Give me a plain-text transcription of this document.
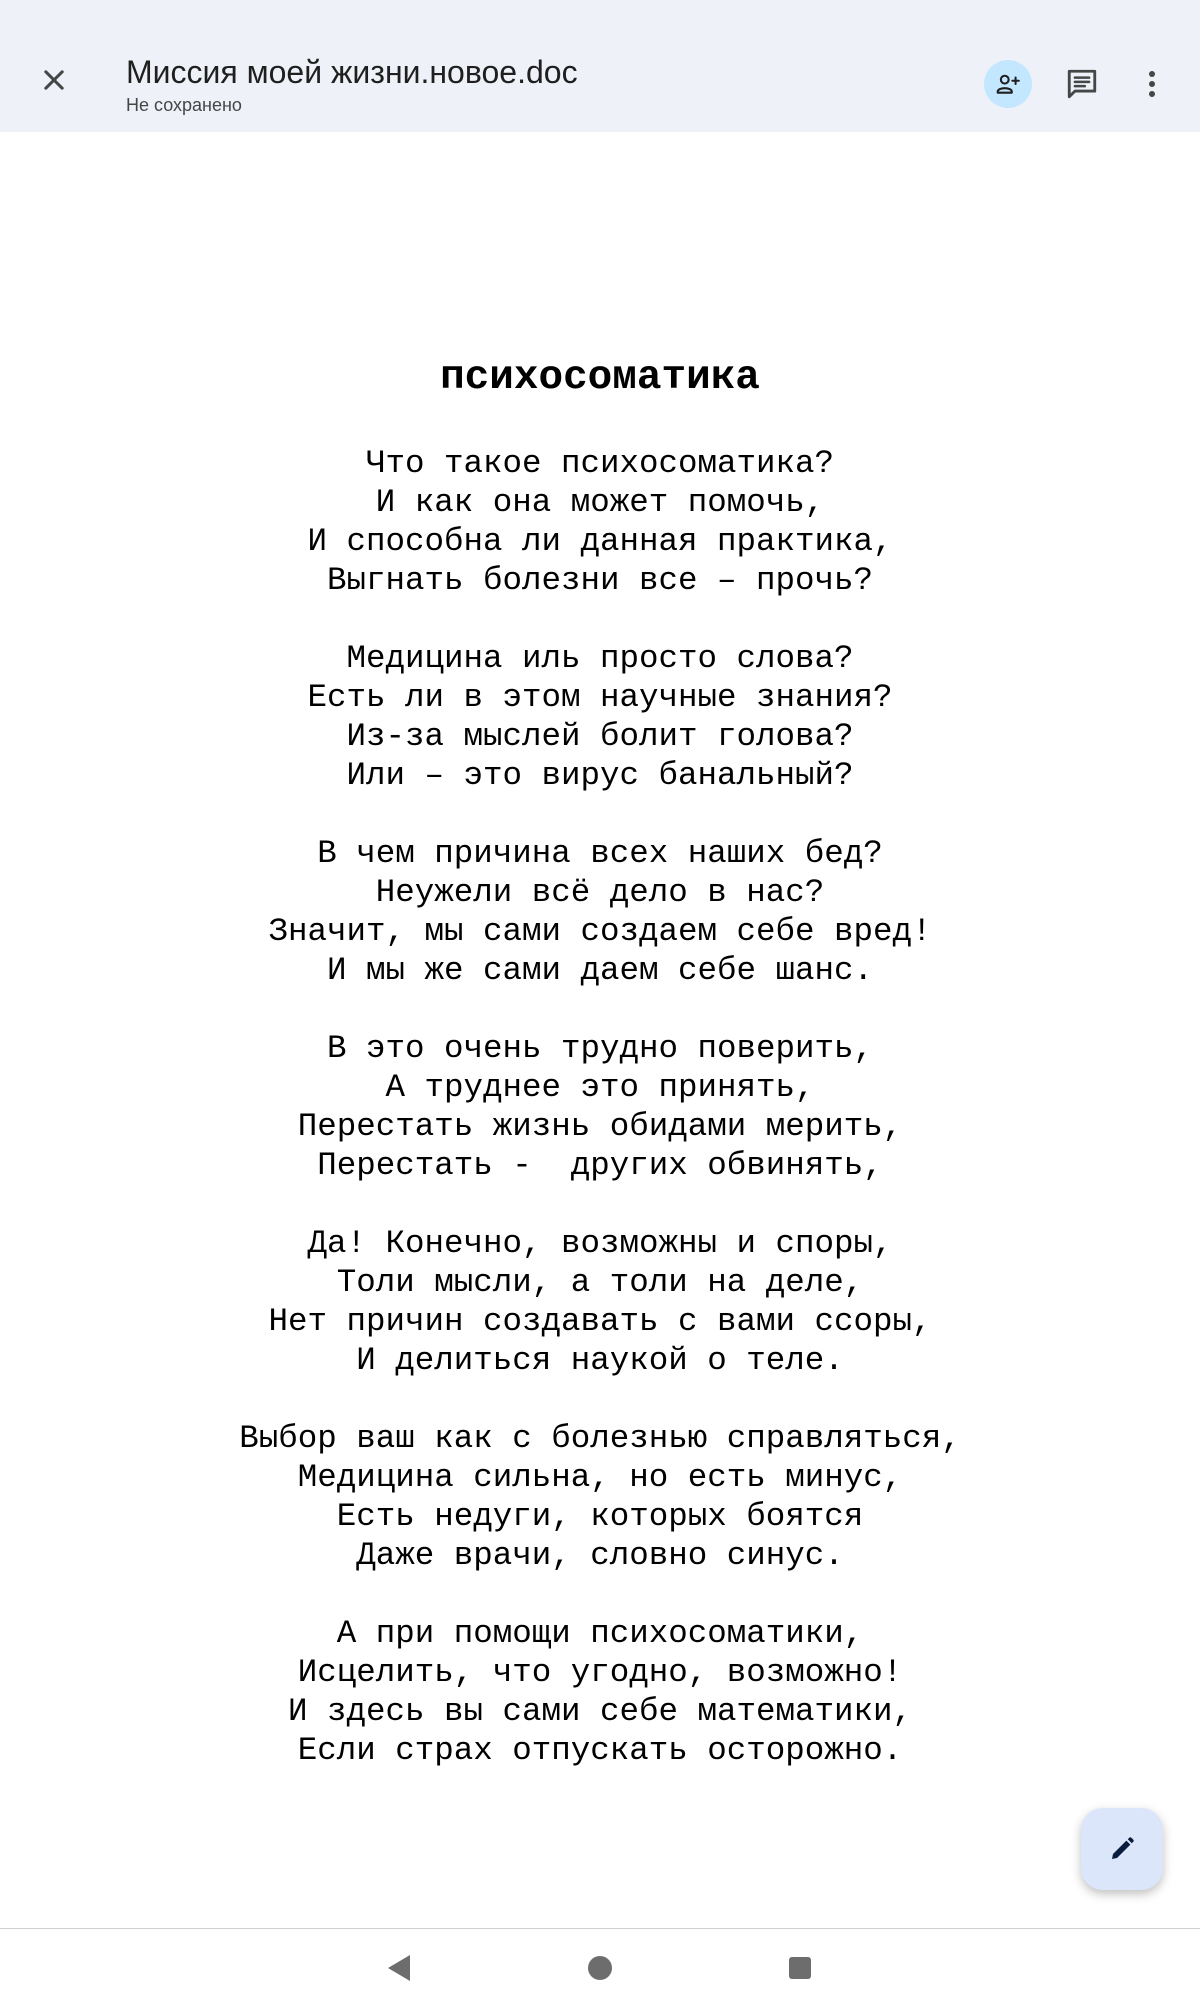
Миссия моей жизни.новое.doc
Не сохранено
психосоматика
Что такое психосоматика?
И как она может помочь,
И способна ли данная практика,
Выгнать болезни все – прочь?
Медицина иль просто слова?
Есть ли в этом научные знания?
Из-за мыслей болит голова?
Или – это вирус банальный?
В чем причина всех наших бед?
Неужели всё дело в нас?
Значит, мы сами создаем себе вред!
И мы же сами даем себе шанс.
В это очень трудно поверить,
А труднее это принять,
Перестать жизнь обидами мерить,
Перестать -  других обвинять,
Да! Конечно, возможны и споры,
Толи мысли, а толи на деле,
Нет причин создавать с вами ссоры,
И делиться наукой о теле.
Выбор ваш как с болезнью справляться,
Медицина сильна, но есть минус,
Есть недуги, которых боятся
Даже врачи, словно синус.
А при помощи психосоматики,
Исцелить, что угодно, возможно!
И здесь вы сами себе математики,
Если страх отпускать осторожно.
